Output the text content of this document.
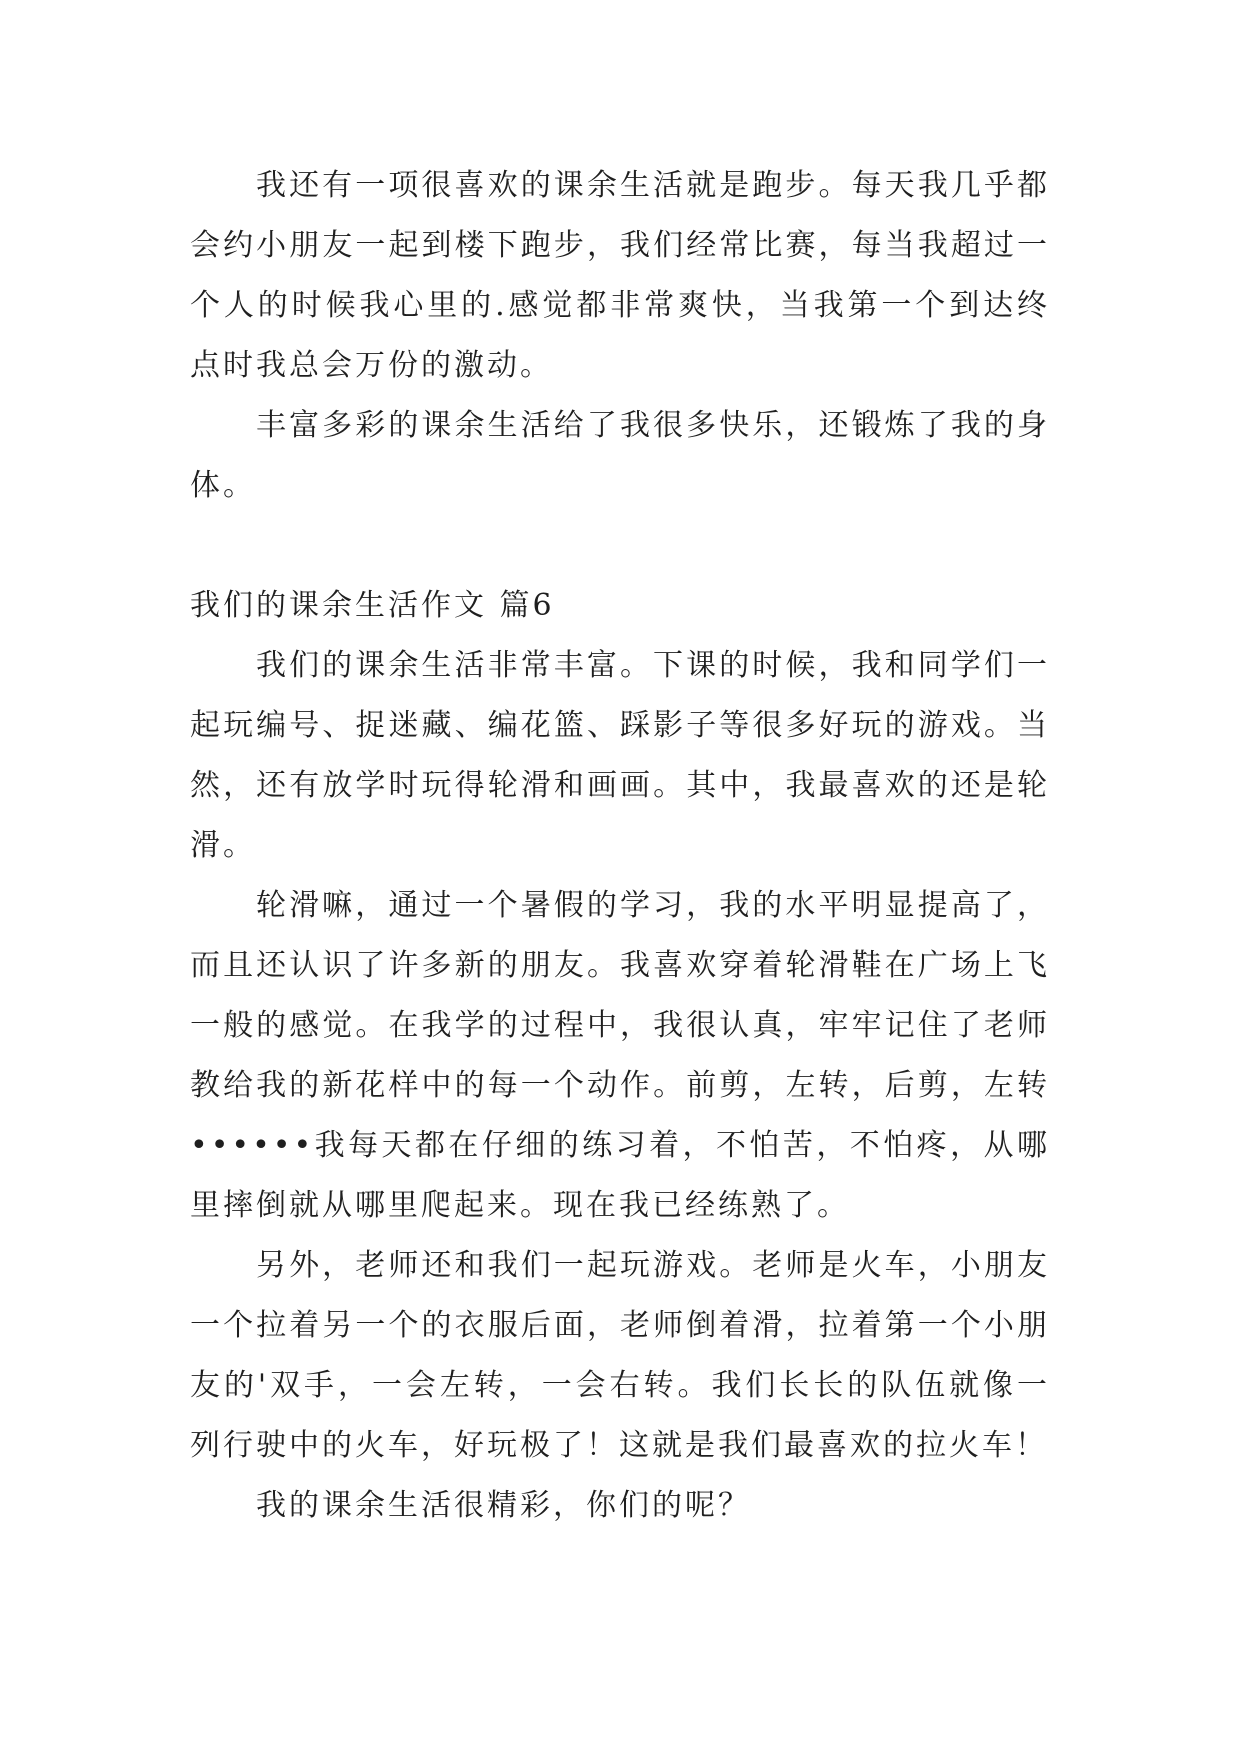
我还有一项很喜欢的课余生活就是跑步。每天我几乎都会约小朋友一起到楼下跑步，我们经常比赛，每当我超过一个人的时候我心里的.感觉都非常爽快，当我第一个到达终点时我总会万份的激动。

丰富多彩的课余生活给了我很多快乐，还锻炼了我的身体。

我们的课余生活作文 篇6

我们的课余生活非常丰富。下课的时候，我和同学们一起玩编号、捉迷藏、编花篮、踩影子等很多好玩的游戏。当然，还有放学时玩得轮滑和画画。其中，我最喜欢的还是轮滑。

轮滑嘛，通过一个暑假的学习，我的水平明显提高了，而且还认识了许多新的朋友。我喜欢穿着轮滑鞋在广场上飞一般的感觉。在我学的过程中，我很认真，牢牢记住了老师教给我的新花样中的每一个动作。前剪，左转，后剪，左转••••••我每天都在仔细的练习着，不怕苦，不怕疼，从哪里摔倒就从哪里爬起来。现在我已经练熟了。

另外，老师还和我们一起玩游戏。老师是火车，小朋友一个拉着另一个的衣服后面，老师倒着滑，拉着第一个小朋友的'双手，一会左转，一会右转。我们长长的队伍就像一列行驶中的火车，好玩极了！这就是我们最喜欢的拉火车！

我的课余生活很精彩，你们的呢？
